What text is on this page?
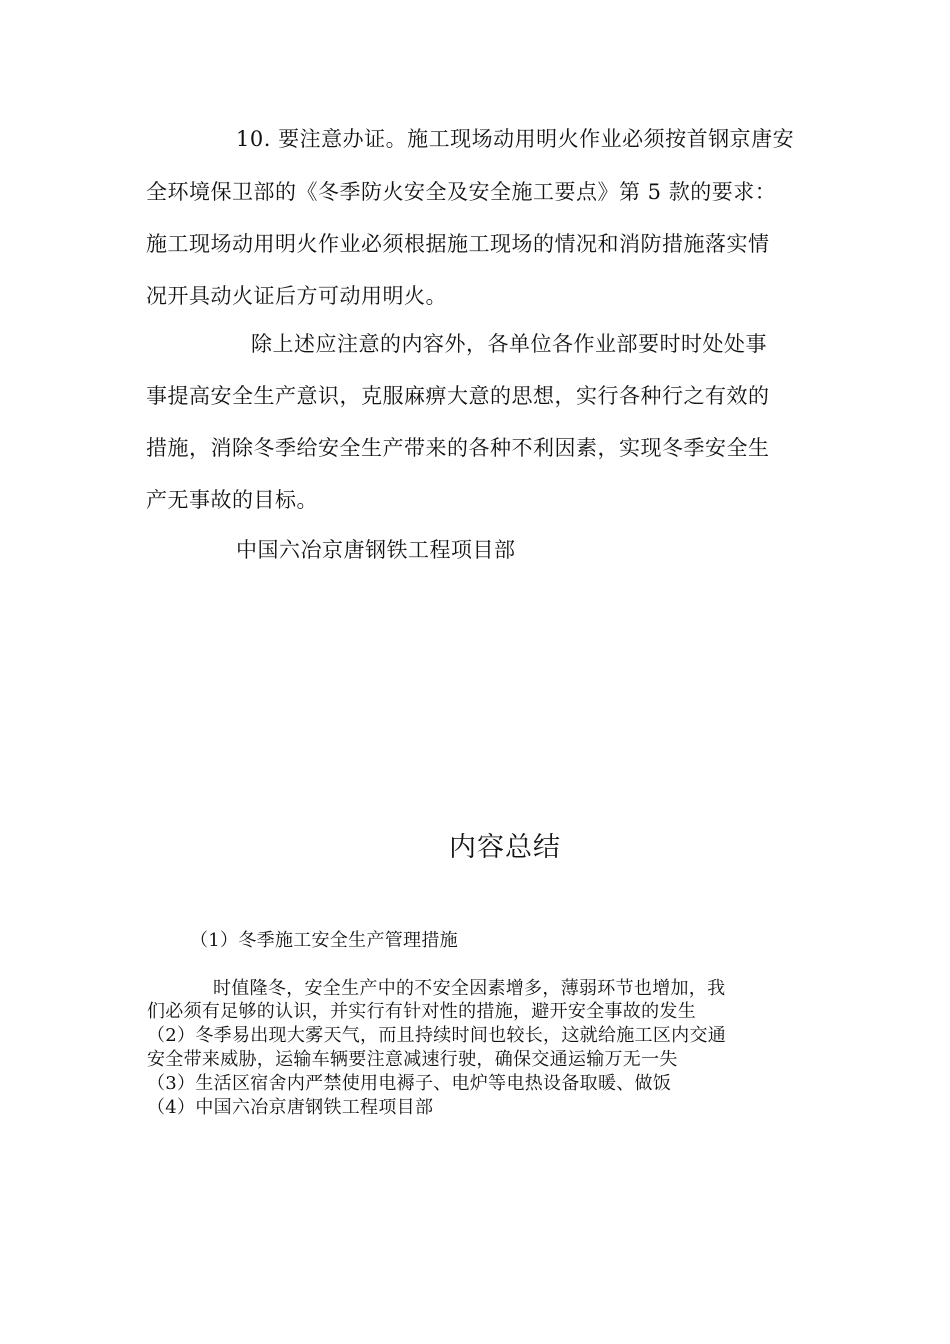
10. 要注意办证。施工现场动用明火作业必须按首钢京唐安
全环境保卫部的《冬季防火安全及安全施工要点》第 5 款的要求：
施工现场动用明火作业必须根据施工现场的情况和消防措施落实情
况开具动火证后方可动用明火。
除上述应注意的内容外，各单位各作业部要时时处处事
事提高安全生产意识，克服麻痹大意的思想，实行各种行之有效的
措施，消除冬季给安全生产带来的各种不利因素，实现冬季安全生
产无事故的目标。
中国六冶京唐钢铁工程项目部
内容总结
（1）冬季施工安全生产管理措施
时值隆冬，安全生产中的不安全因素增多，薄弱环节也增加，我
们必须有足够的认识，并实行有针对性的措施，避开安全事故的发生
（2）冬季易出现大雾天气，而且持续时间也较长，这就给施工区内交通
安全带来威胁，运输车辆要注意减速行驶，确保交通运输万无一失
（3）生活区宿舍内严禁使用电褥子、电炉等电热设备取暖、做饭
（4）中国六冶京唐钢铁工程项目部
